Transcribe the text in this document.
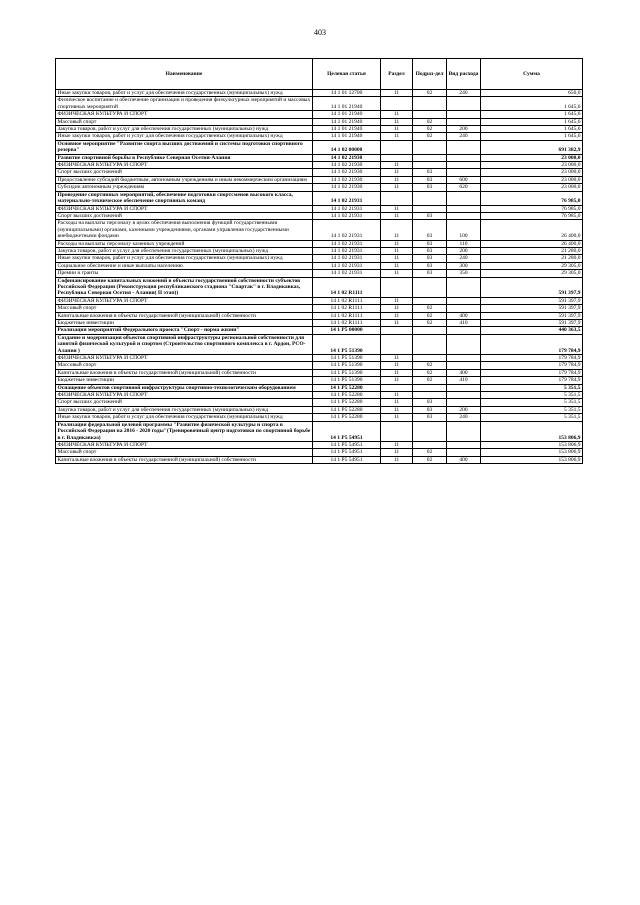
403
Наименование	Целевая статья	Раздел	Подраз-дел	Вид расхода	Сумма
Иные закупки товаров, работ и услуг для обеспечения государственных (муниципальных) нужд	14 1 01 12700	11	02	240	650,0
Физическое воспитание и обеспечение организации и проведения физкультурных мероприятий и массовых спортивных мероприятий	14 1 01 21940				1 645,6
ФИЗИЧЕСКАЯ КУЛЬТУРА И СПОРТ	14 1 01 21940	11			1 645,6
Массовый спорт	14 1 01 21940	11	02		1 645,6
Закупка товаров, работ и услуг для обеспечения государственных (муниципальных) нужд	14 1 01 21940	11	02	200	1 645,6
Иные закупки товаров, работ и услуг для обеспечения государственных (муниципальных) нужд	14 1 01 21940	11	02	240	1 645,6
Основное мероприятие "Развитие спорта высших достижений и системы подготовки спортивного резерва"	14 1 02 00000				691 382,9
Развитие спортивной борьбы в Республике Северная Осетия-Алания	14 1 02 21930				23 000,0
ФИЗИЧЕСКАЯ КУЛЬТУРА И СПОРТ	14 1 02 21930	11			23 000,0
Спорт высших достижений	14 1 02 21930	11	03		23 000,0
Предоставление субсидий бюджетным, автономным учреждениям и иным некоммерческим организациям	14 1 02 21930	11	03	600	23 000,0
Субсидии автономным учреждениям	14 1 02 21930	11	03	620	23 000,0
Проведение спортивных мероприятий, обеспечение подготовки спортсменов высокого класса, материально-техническое обеспечение спортивных команд	14 1 02 21931				76 985,0
ФИЗИЧЕСКАЯ КУЛЬТУРА И СПОРТ	14 1 02 21931	11			76 985,0
Спорт высших достижений	14 1 02 21931	11	03		76 985,0
Расходы на выплаты персоналу в целях обеспечения выполнения функций государственными (муниципальными) органами, казенными учреждениями, органами управления государственными внебюджетными фондами	14 1 02 21931	11	03	100	26 400,0
Расходы на выплаты персоналу казенных учреждений	14 1 02 21931	11	03	110	26 400,0
Закупка товаров, работ и услуг для обеспечения государственных (муниципальных) нужд	14 1 02 21931	11	03	200	21 280,0
Иные закупки товаров, работ и услуг для обеспечения государственных (муниципальных) нужд	14 1 02 21931	11	03	240	21 280,0
Социальное обеспечение и иные выплаты населению	14 1 02 21931	11	03	300	29 305,0
Премии и гранты	14 1 02 21931	11	03	350	29 305,0
Софинансирование капитальных вложений в объекты государственной собственности субъектов Российской Федерации (Реконструкция республиканского стадиона "Спартак" в г. Владикавказ, Республика Северная Осетия - Алания( II этап))	14 1 02 R1111				591 397,9
ФИЗИЧЕСКАЯ КУЛЬТУРА И СПОРТ	14 1 02 R1111	11			591 397,9
Массовый спорт	14 1 02 R1111	11	02		591 397,9
Капитальные вложения в объекты государственной (муниципальной) собственности	14 1 02 R1111	11	02	400	591 397,9
Бюджетные инвестиции	14 1 02 R1111	11	02	410	591 397,9
Реализация мероприятий Федерального проекта "Спорт - норма жизни"	14 1 P5 00000				440 363,5
Создание и модернизация объектов спортивной инфраструктуры региональной собственности для занятий физической культурой и спортом (Строительство спортивного комплекса в г. Ардон, РСО-Алания )	14 1 P5 51390				179 784,9
ФИЗИЧЕСКАЯ КУЛЬТУРА И СПОРТ	14 1 P5 51390	11			179 784,9
Массовый спорт	14 1 P5 51390	11	02		179 784,9
Капитальные вложения в объекты государственной (муниципальной) собственности	14 1 P5 51390	11	02	400	179 784,9
Бюджетные инвестиции	14 1 P5 51390	11	02	410	179 784,9
Оснащение объектов спортивной инфраструктуры спортивно-технологическим оборудованием	14 1 P5 52280				5 351,5
ФИЗИЧЕСКАЯ КУЛЬТУРА И СПОРТ	14 1 P5 52280	11			5 351,5
Спорт высших достижений	14 1 P5 52280	11	03		5 351,5
Закупка товаров, работ и услуг для обеспечения государственных (муниципальных) нужд	14 1 P5 52280	11	03	200	5 351,5
Иные закупки товаров, работ и услуг для обеспечения государственных (муниципальных) нужд	14 1 P5 52280	11	03	240	5 351,5
Реализация федеральной целевой программы "Развитие физической культуры и спорта в Российской Федерации на 2016 - 2020 годы"(Тренировочный центр подготовки по спортивной борьбе в г. Владикавказ)	14 1 P5 54951				153 806,9
ФИЗИЧЕСКАЯ КУЛЬТУРА И СПОРТ	14 1 P5 54951	11			153 806,9
Массовый спорт	14 1 P5 54951	11	02		153 806,9
Капитальные вложения в объекты государственной (муниципальной) собственности	14 1 P5 54951	11	02	400	153 806,9
